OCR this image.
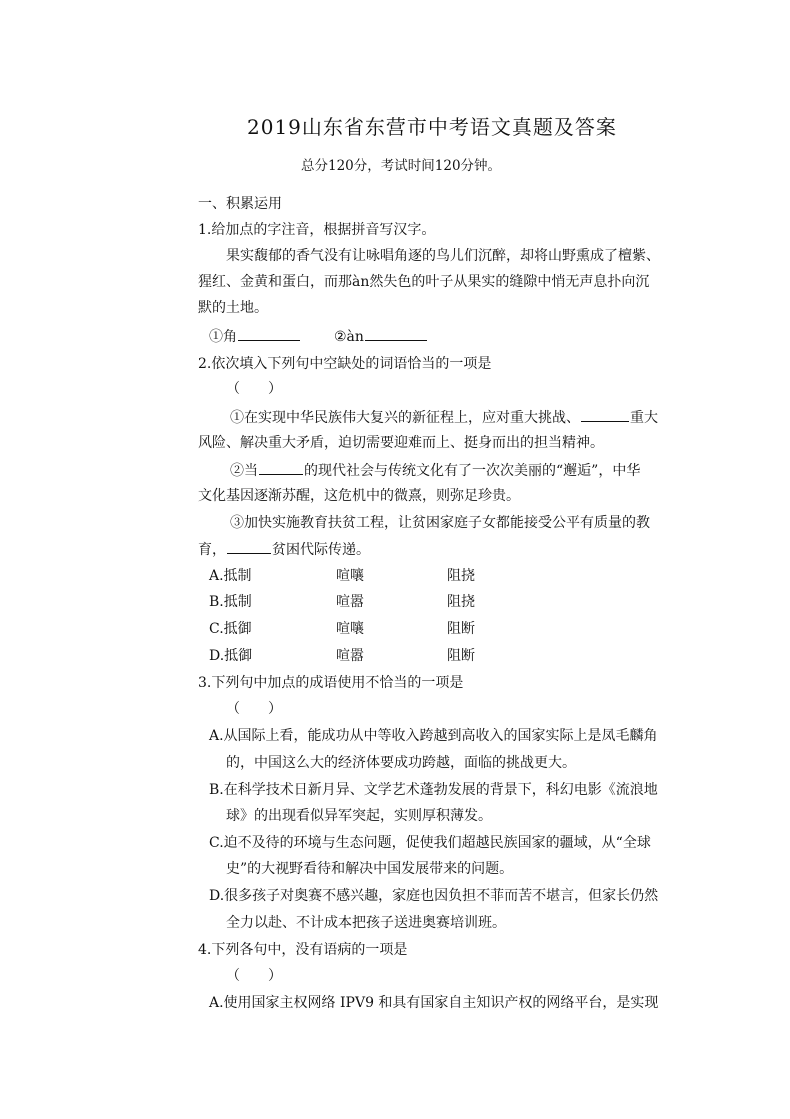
2019山东省东营市中考语文真题及答案
总分120分，考试时间120分钟。
一、积累运用
1.给加点的字注音，根据拼音写汉字。
果实馥郁的香气没有让咏唱角逐的鸟儿们沉醉，却将山野熏成了檀紫、
猩红、金黄和蛋白，而那àn然失色的叶子从果实的缝隙中悄无声息扑向沉
默的土地。
①角	②àn
2.依次填入下列句中空缺处的词语恰当的一项是
（　　）
①在实现中华民族伟大复兴的新征程上，应对重大挑战、	重大
风险、解决重大矛盾，迫切需要迎难而上、挺身而出的担当精神。
②当	的现代社会与传统文化有了一次次美丽的“邂逅”，中华
文化基因逐渐苏醒，这危机中的微熹，则弥足珍贵。
③加快实施教育扶贫工程，让贫困家庭子女都能接受公平有质量的教
育，	贫困代际传递。
A.抵制	喧嚷	阻挠
B.抵制	喧嚣	阻挠
C.抵御	喧嚷	阻断
D.抵御	喧嚣	阻断
3.下列句中加点的成语使用不恰当的一项是
（　　）
A.从国际上看，能成功从中等收入跨越到高收入的国家实际上是凤毛麟角
的，中国这么大的经济体要成功跨越，面临的挑战更大。
B.在科学技术日新月异、文学艺术蓬勃发展的背景下，科幻电影《流浪地
球》的出现看似异军突起，实则厚积薄发。
C.迫不及待的环境与生态问题，促使我们超越民族国家的疆域，从“全球
史”的大视野看待和解决中国发展带来的问题。
D.很多孩子对奥赛不感兴趣，家庭也因负担不菲而苦不堪言，但家长仍然
全力以赴、不计成本把孩子送进奥赛培训班。
4.下列各句中，没有语病的一项是
（　　）
A.使用国家主权网络 IPV9 和具有国家自主知识产权的网络平台，是实现
